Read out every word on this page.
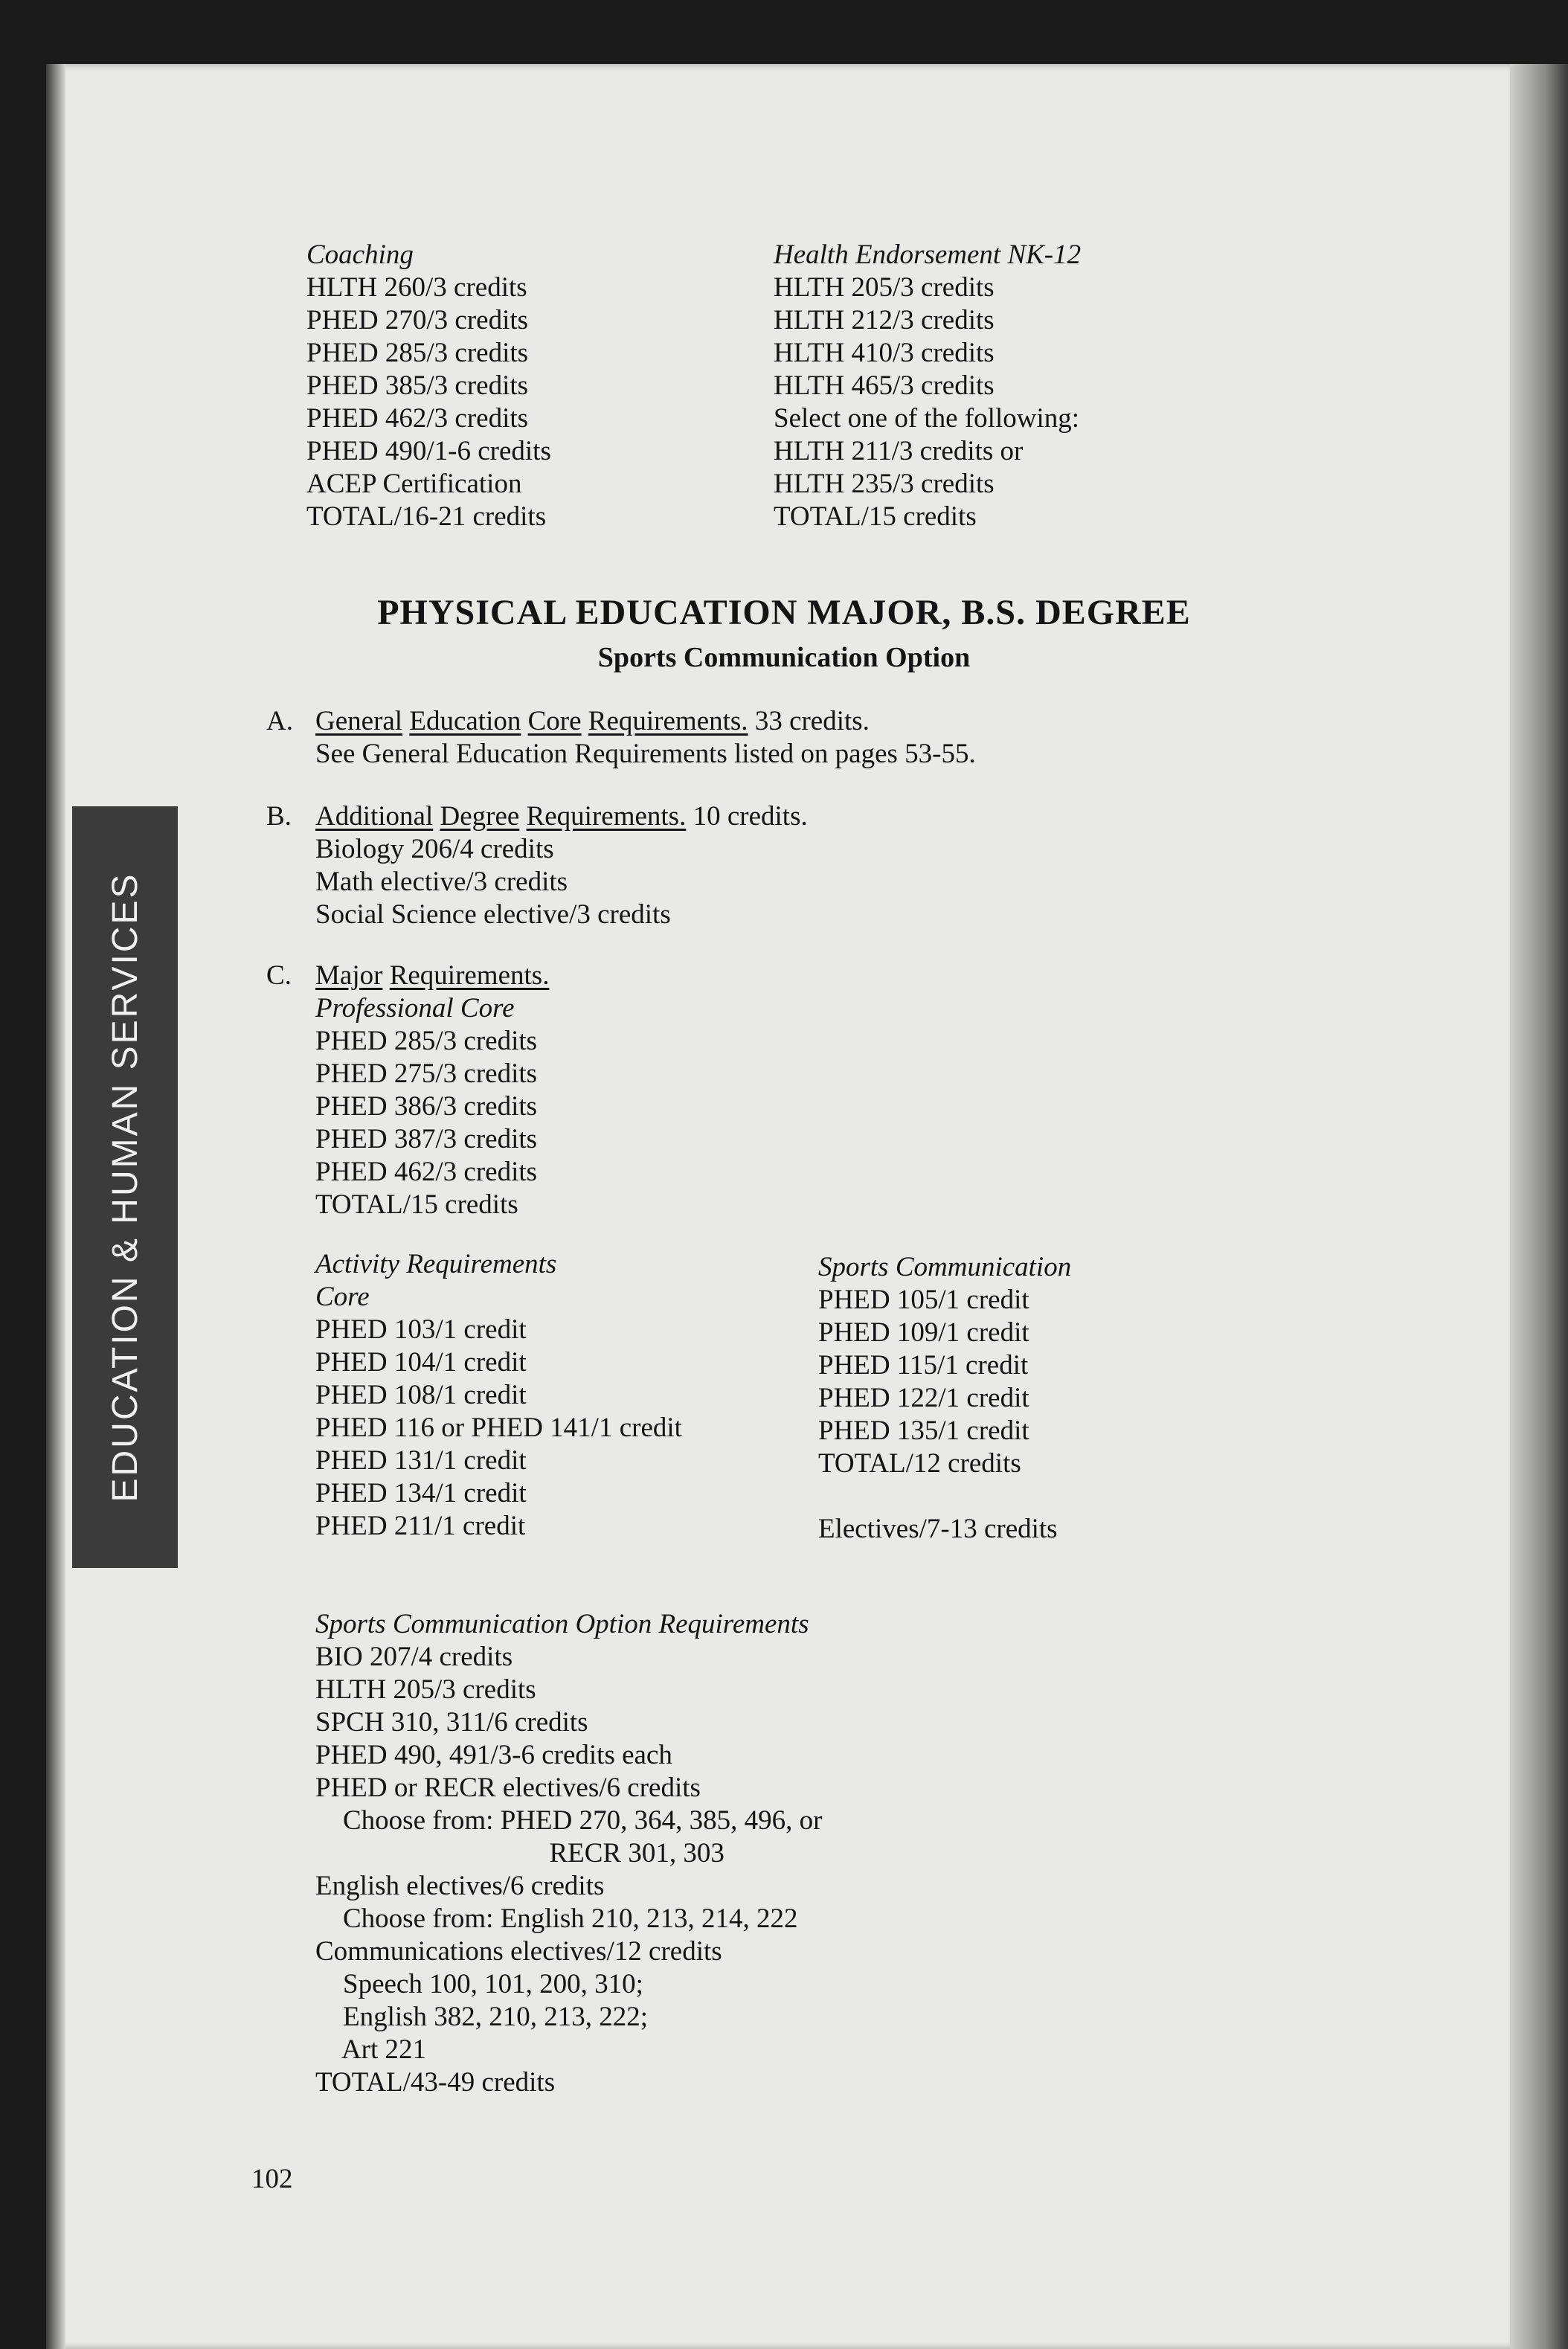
EDUCATION & HUMAN SERVICES
Coaching
HLTH 260/3 credits
PHED 270/3 credits
PHED 285/3 credits
PHED 385/3 credits
PHED 462/3 credits
PHED 490/1-6 credits
ACEP Certification
TOTAL/16-21 credits
Health Endorsement NK-12
HLTH 205/3 credits
HLTH 212/3 credits
HLTH 410/3 credits
HLTH 465/3 credits
Select one of the following:
HLTH 211/3 credits or
HLTH 235/3 credits
TOTAL/15 credits
PHYSICAL EDUCATION MAJOR, B.S. DEGREE
Sports Communication Option
A. General Education Core Requirements. 33 credits.
See General Education Requirements listed on pages 53-55.
B. Additional Degree Requirements. 10 credits.
Biology 206/4 credits
Math elective/3 credits
Social Science elective/3 credits
C. Major Requirements.
Professional Core
PHED 285/3 credits
PHED 275/3 credits
PHED 386/3 credits
PHED 387/3 credits
PHED 462/3 credits
TOTAL/15 credits
Activity Requirements
Core
PHED 103/1 credit
PHED 104/1 credit
PHED 108/1 credit
PHED 116 or PHED 141/1 credit
PHED 131/1 credit
PHED 134/1 credit
PHED 211/1 credit
Sports Communication
PHED 105/1 credit
PHED 109/1 credit
PHED 115/1 credit
PHED 122/1 credit
PHED 135/1 credit
TOTAL/12 credits
Electives/7-13 credits
Sports Communication Option Requirements
BIO 207/4 credits
HLTH 205/3 credits
SPCH 310, 311/6 credits
PHED 490, 491/3-6 credits each
PHED or RECR electives/6 credits
Choose from: PHED 270, 364, 385, 496, or
RECR 301, 303
English electives/6 credits
Choose from: English 210, 213, 214, 222
Communications electives/12 credits
Speech 100, 101, 200, 310;
English 382, 210, 213, 222;
Art 221
TOTAL/43-49 credits
102
